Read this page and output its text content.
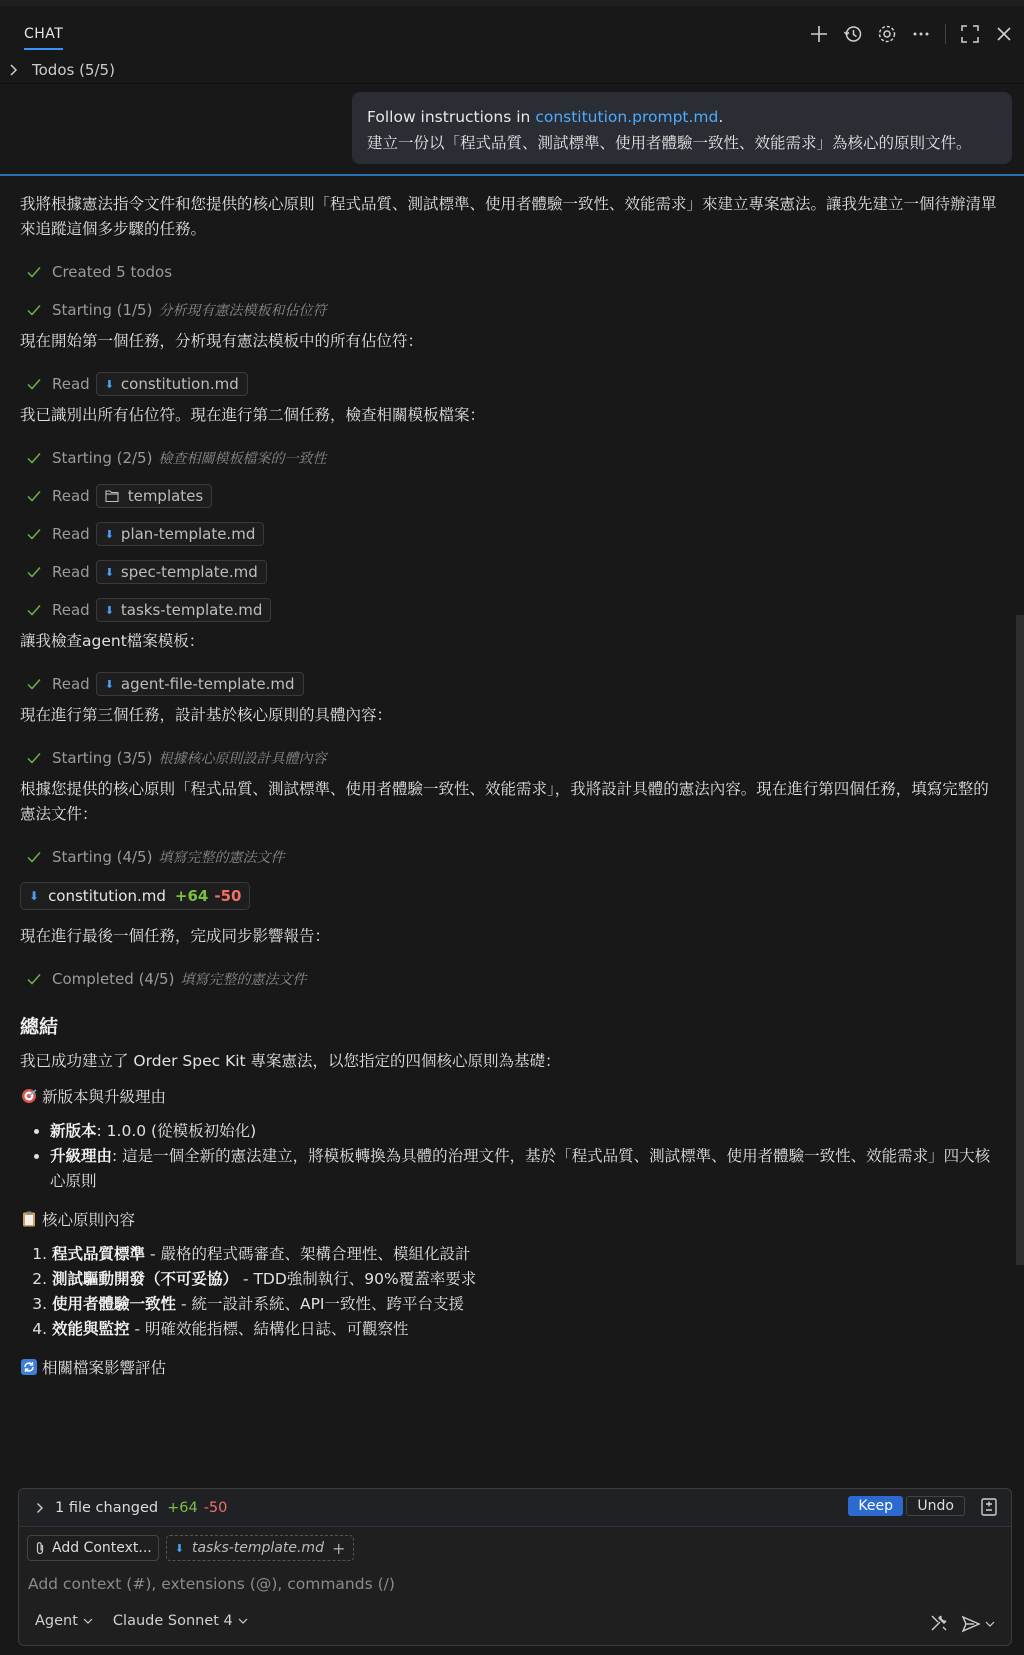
CHAT
Todos (5/5)
Follow instructions in constitution.prompt.md.
建立一份以「程式品質、測試標準、使用者體驗一致性、效能需求」為核心的原則文件。
我將根據憲法指令文件和您提供的核心原則「程式品質、測試標準、使用者體驗一致性、效能需求」來建立專案憲法。讓我先建立一個待辦清單來追蹤這個多步驟的任務。
Created 5 todos
Starting (1/5) 分析現有憲法模板和佔位符
現在開始第一個任務，分析現有憲法模板中的所有佔位符：
Read ⬇ constitution.md
我已識別出所有佔位符。現在進行第二個任務，檢查相關模板檔案：
Starting (2/5) 檢查相關模板檔案的一致性
Read	templates
Read ⬇ plan-template.md
Read ⬇ spec-template.md
Read ⬇ tasks-template.md
讓我檢查agent檔案模板：
Read ⬇ agent-file-template.md
現在進行第三個任務，設計基於核心原則的具體內容：
Starting (3/5) 根據核心原則設計具體內容
根據您提供的核心原則「程式品質、測試標準、使用者體驗一致性、效能需求」，我將設計具體的憲法內容。現在進行第四個任務，填寫完整的憲法文件：
Starting (4/5) 填寫完整的憲法文件
⬇ constitution.md +64 -50
現在進行最後一個任務，完成同步影響報告：
Completed (4/5) 填寫完整的憲法文件
總結
我已成功建立了 Order Spec Kit 專案憲法，以您指定的四個核心原則為基礎：
新版本與升級理由
• 新版本: 1.0.0 (從模板初始化)
• 升級理由: 這是一個全新的憲法建立，將模板轉換為具體的治理文件，基於「程式品質、測試標準、使用者體驗一致性、效能需求」四大核心原則
核心原則內容
1. 程式品質標準 - 嚴格的程式碼審查、架構合理性、模組化設計
2. 測試驅動開發（不可妥協） - TDD強制執行、90%覆蓋率要求
3. 使用者體驗一致性 - 統一設計系統、API一致性、跨平台支援
4. 效能與監控 - 明確效能指標、結構化日誌、可觀察性
相關檔案影響評估
1 file changed +64 -50	Keep	Undo
Add Context... ⬇ tasks-template.md +
Add context (#), extensions (@), commands (/)
Agent Claude Sonnet 4
